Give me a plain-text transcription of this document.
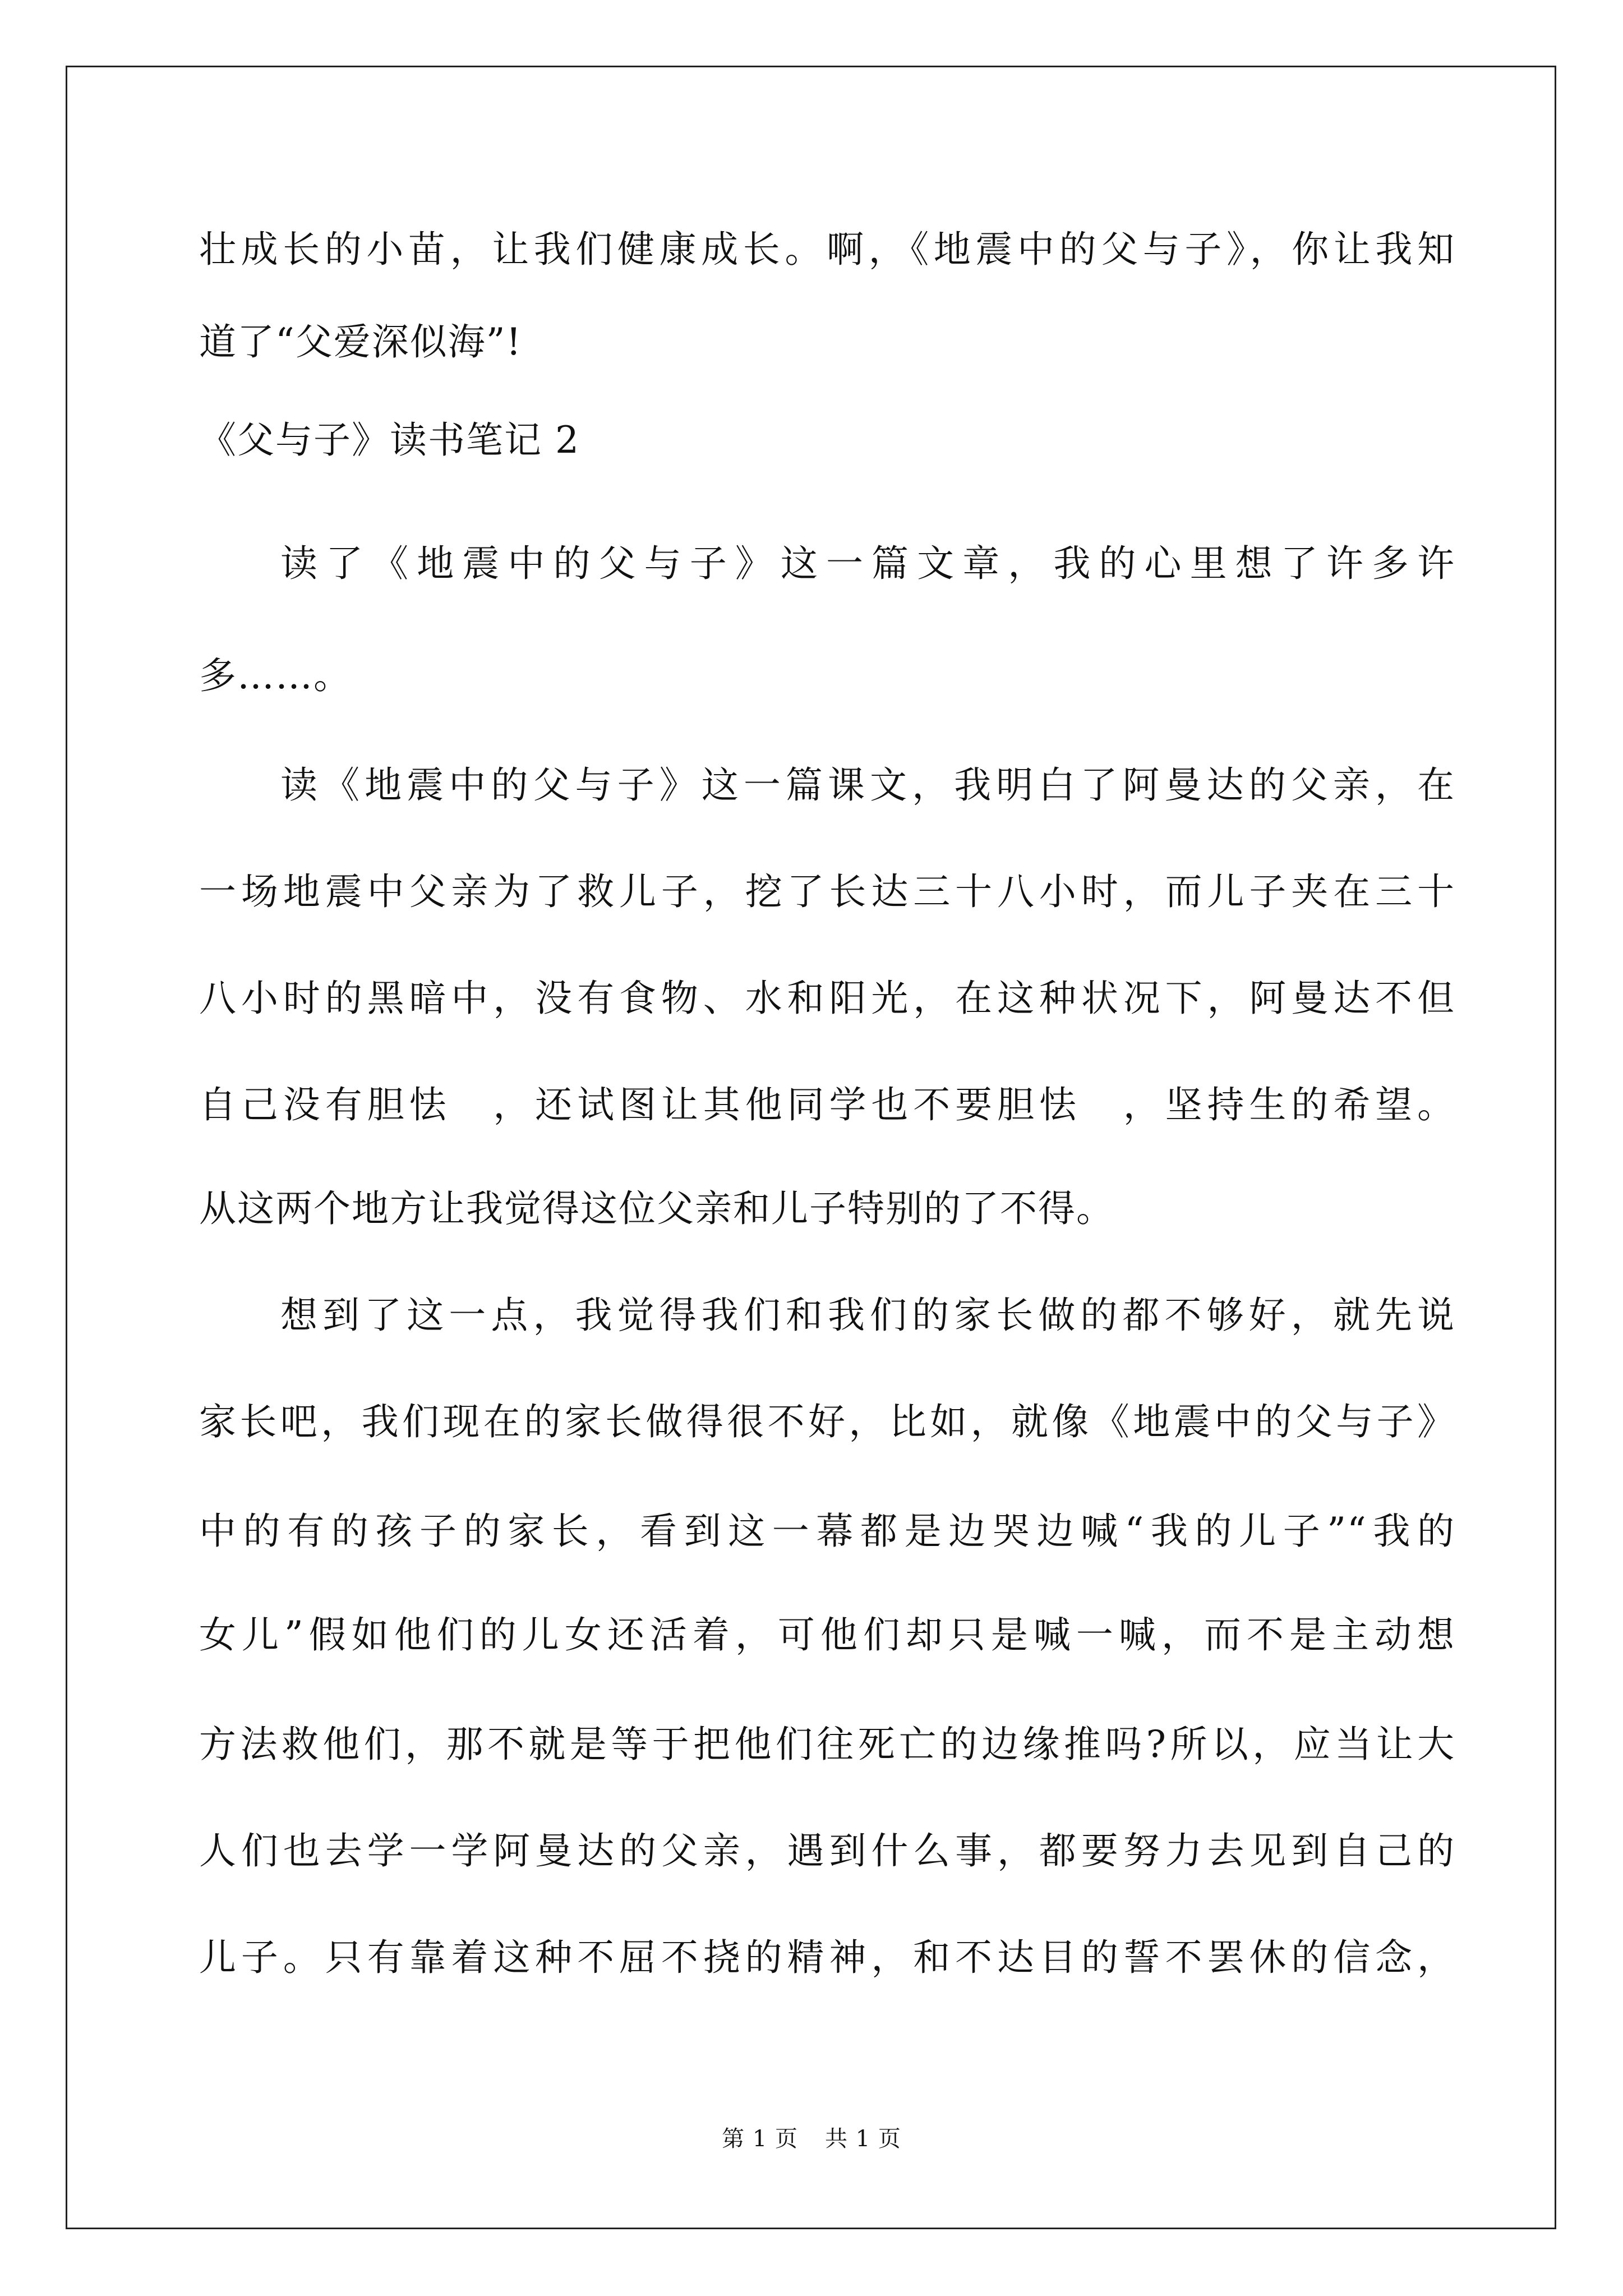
壮成长的小苗，让我们健康成长。啊，《地震中的父与子》，你让我知
道了“父爱深似海”!
《父与子》读书笔记 2
读了《地震中的父与子》这一篇文章，我的心里想了许多许
多……。
读《地震中的父与子》这一篇课文，我明白了阿曼达的父亲，在
一场地震中父亲为了救儿子，挖了长达三十八小时，而儿子夹在三十
八小时的黑暗中，没有食物、水和阳光，在这种状况下，阿曼达不但
自己没有胆怯　，还试图让其他同学也不要胆怯　，坚持生的希望。
从这两个地方让我觉得这位父亲和儿子特别的了不得。
想到了这一点，我觉得我们和我们的家长做的都不够好，就先说
家长吧，我们现在的家长做得很不好，比如，就像《地震中的父与子》
中的有的孩子的家长，看到这一幕都是边哭边喊“我的儿子”“我的
女儿”假如他们的儿女还活着，可他们却只是喊一喊，而不是主动想
方法救他们，那不就是等于把他们往死亡的边缘推吗?所以，应当让大
人们也去学一学阿曼达的父亲，遇到什么事，都要努力去见到自己的
儿子。只有靠着这种不屈不挠的精神，和不达目的誓不罢休的信念，
第 1 页 共 1 页
